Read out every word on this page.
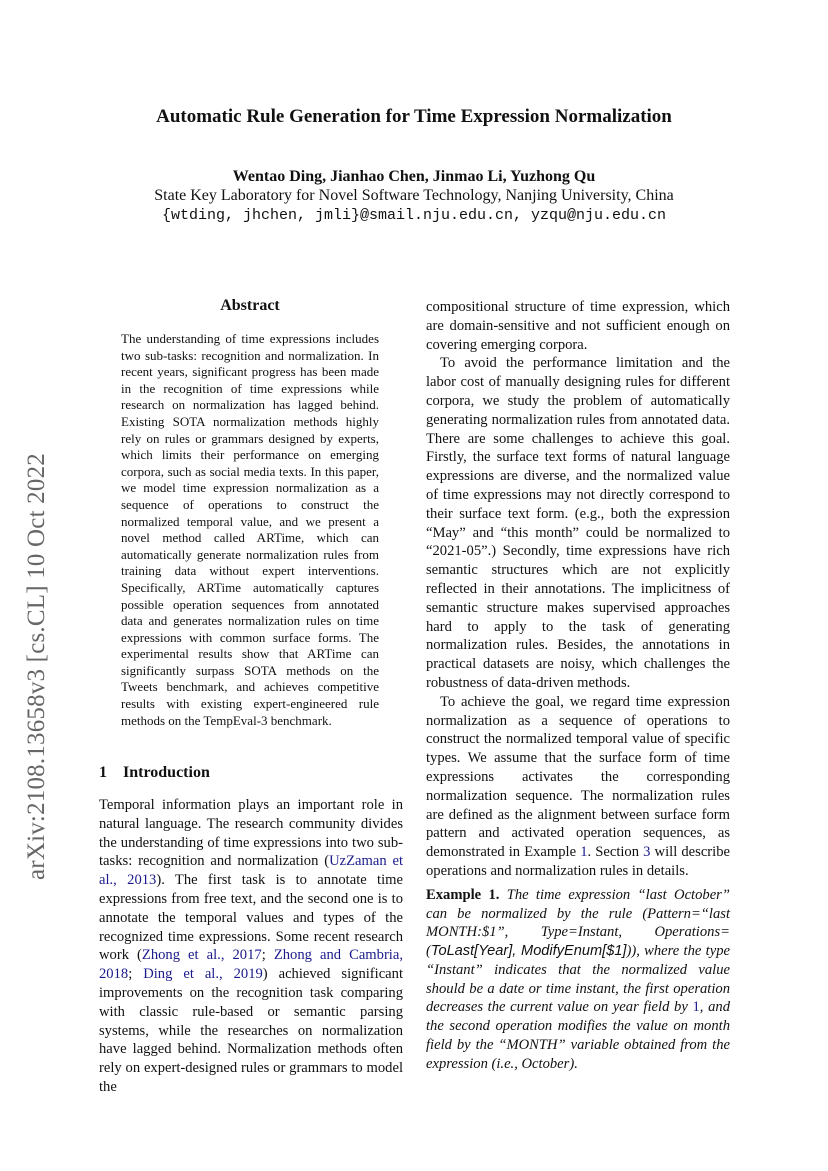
arXiv:2108.13658v3 [cs.CL] 10 Oct 2022
Automatic Rule Generation for Time Expression Normalization
Wentao Ding, Jianhao Chen, Jinmao Li, Yuzhong Qu
State Key Laboratory for Novel Software Technology, Nanjing University, China
{wtding, jhchen, jmli}@smail.nju.edu.cn, yzqu@nju.edu.cn
Abstract

The understanding of time expressions includes two sub-tasks: recognition and normalization. In recent years, significant progress has been made in the recognition of time expressions while research on normalization has lagged behind. Existing SOTA normalization methods highly rely on rules or grammars designed by experts, which limits their performance on emerging corpora, such as social media texts. In this paper, we model time expression normalization as a sequence of operations to construct the normalized temporal value, and we present a novel method called ARTime, which can automatically generate normalization rules from training data without expert interventions. Specifically, ARTime automatically captures possible operation sequences from annotated data and generates normalization rules on time expressions with common surface forms. The experimental results show that ARTime can significantly surpass SOTA methods on the Tweets benchmark, and achieves competitive results with existing expert-engineered rule methods on the TempEval-3 benchmark.

1 Introduction

Temporal information plays an important role in natural language. The research community divides the understanding of time expressions into two sub-tasks: recognition and normalization (UzZaman et al., 2013). The first task is to annotate time expressions from free text, and the second one is to annotate the temporal values and types of the recognized time expressions. Some recent research work (Zhong et al., 2017; Zhong and Cambria, 2018; Ding et al., 2019) achieved significant improvements on the recognition task comparing with classic rule-based or semantic parsing systems, while the researches on normalization have lagged behind. Normalization methods often rely on expert-designed rules or grammars to model the

compositional structure of time expression, which are domain-sensitive and not sufficient enough on covering emerging corpora.

To avoid the performance limitation and the labor cost of manually designing rules for different corpora, we study the problem of automatically generating normalization rules from annotated data. There are some challenges to achieve this goal. Firstly, the surface text forms of natural language expressions are diverse, and the normalized value of time expressions may not directly correspond to their surface text form. (e.g., both the expression “May” and “this month” could be normalized to “2021-05”.) Secondly, time expressions have rich semantic structures which are not explicitly reflected in their annotations. The implicitness of semantic structure makes supervised approaches hard to apply to the task of generating normalization rules. Besides, the annotations in practical datasets are noisy, which challenges the robustness of data-driven methods.

To achieve the goal, we regard time expression normalization as a sequence of operations to construct the normalized temporal value of specific types. We assume that the surface form of time expressions activates the corresponding normalization sequence. The normalization rules are defined as the alignment between surface form pattern and activated operation sequences, as demonstrated in Example 1. Section 3 will describe operations and normalization rules in details.

Example 1. The time expression “last October” can be normalized by the rule (Pattern=“last MONTH:$1”, Type=Instant, Operations=(ToLast[Year], ModifyEnum[$1])), where the type “Instant” indicates that the normalized value should be a date or time instant, the first operation decreases the current value on year field by 1, and the second operation modifies the value on month field by the “MONTH” variable obtained from the expression (i.e., October).
